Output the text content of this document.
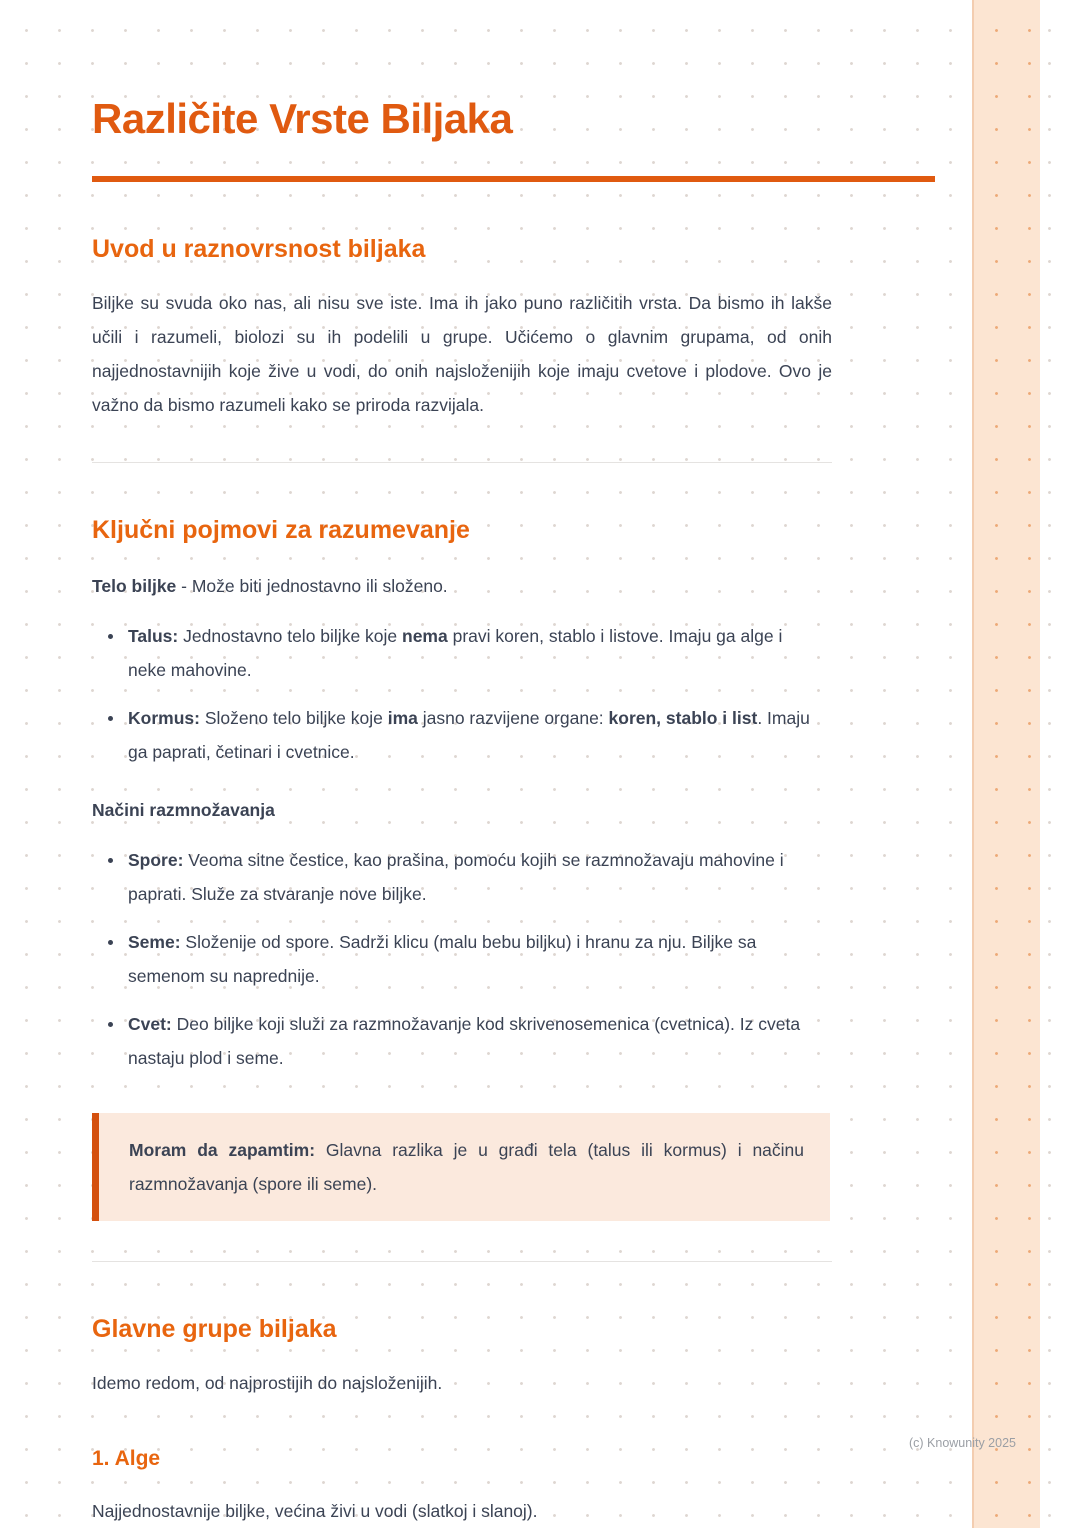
Različite Vrste Biljaka
Uvod u raznovrsnost biljaka

Biljke su svuda oko nas, ali nisu sve iste. Ima ih jako puno različitih vrsta. Da bismo ih lakše učili i razumeli, biolozi su ih podelili u grupe. Učićemo o glavnim grupama, od onih najjednostavnijih koje žive u vodi, do onih najsloženijih koje imaju cvetove i plodove. Ovo je važno da bismo razumeli kako se priroda razvijala.

Ključni pojmovi za razumevanje

Telo biljke - Može biti jednostavno ili složeno.

Talus: Jednostavno telo biljke koje nema pravi koren, stablo i listove. Imaju ga alge i neke mahovine.
Kormus: Složeno telo biljke koje ima jasno razvijene organe: koren, stablo i list. Imaju ga paprati, četinari i cvetnice.

Načini razmnožavanja

Spore: Veoma sitne čestice, kao prašina, pomoću kojih se razmnožavaju mahovine i paprati. Služe za stvaranje nove biljke.
Seme: Složenije od spore. Sadrži klicu (malu bebu biljku) i hranu za nju. Biljke sa semenom su naprednije.
Cvet: Deo biljke koji služi za razmnožavanje kod skrivenosemenica (cvetnica). Iz cveta nastaju plod i seme.
Moram da zapamtim: Glavna razlika je u građi tela (talus ili kormus) i načinu razmnožavanja (spore ili seme).
Glavne grupe biljaka

Idemo redom, od najprostijih do najsloženijih.

1. Alge

Najjednostavnije biljke, većina živi u vodi (slatkoj i slanoj).

(c) Knowunity 2025
